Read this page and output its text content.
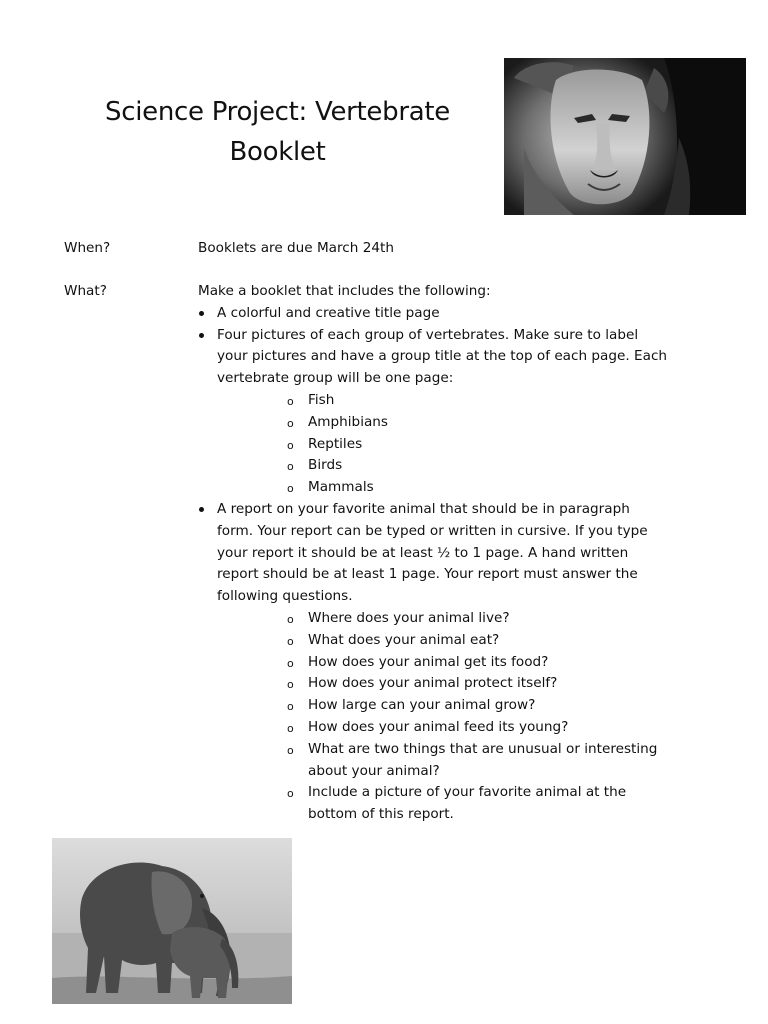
Science Project: Vertebrate
Booklet
When?	Booklets are due March 24th
What?	Make a booklet that includes the following:
A colorful and creative title page
Four pictures of each group of vertebrates. Make sure to label your pictures and have a group title at the top of each page. Each vertebrate group will be one page:
o Fish
o Amphibians
o Reptiles
o Birds
o Mammals
A report on your favorite animal that should be in paragraph form. Your report can be typed or written in cursive. If you type your report it should be at least ½ to 1 page. A hand written report should be at least 1 page. Your report must answer the following questions.
o Where does your animal live?
o What does your animal eat?
o How does your animal get its food?
o How does your animal protect itself?
o How large can your animal grow?
o How does your animal feed its young?
o What are two things that are unusual or interesting about your animal?
o Include a picture of your favorite animal at the bottom of this report.
